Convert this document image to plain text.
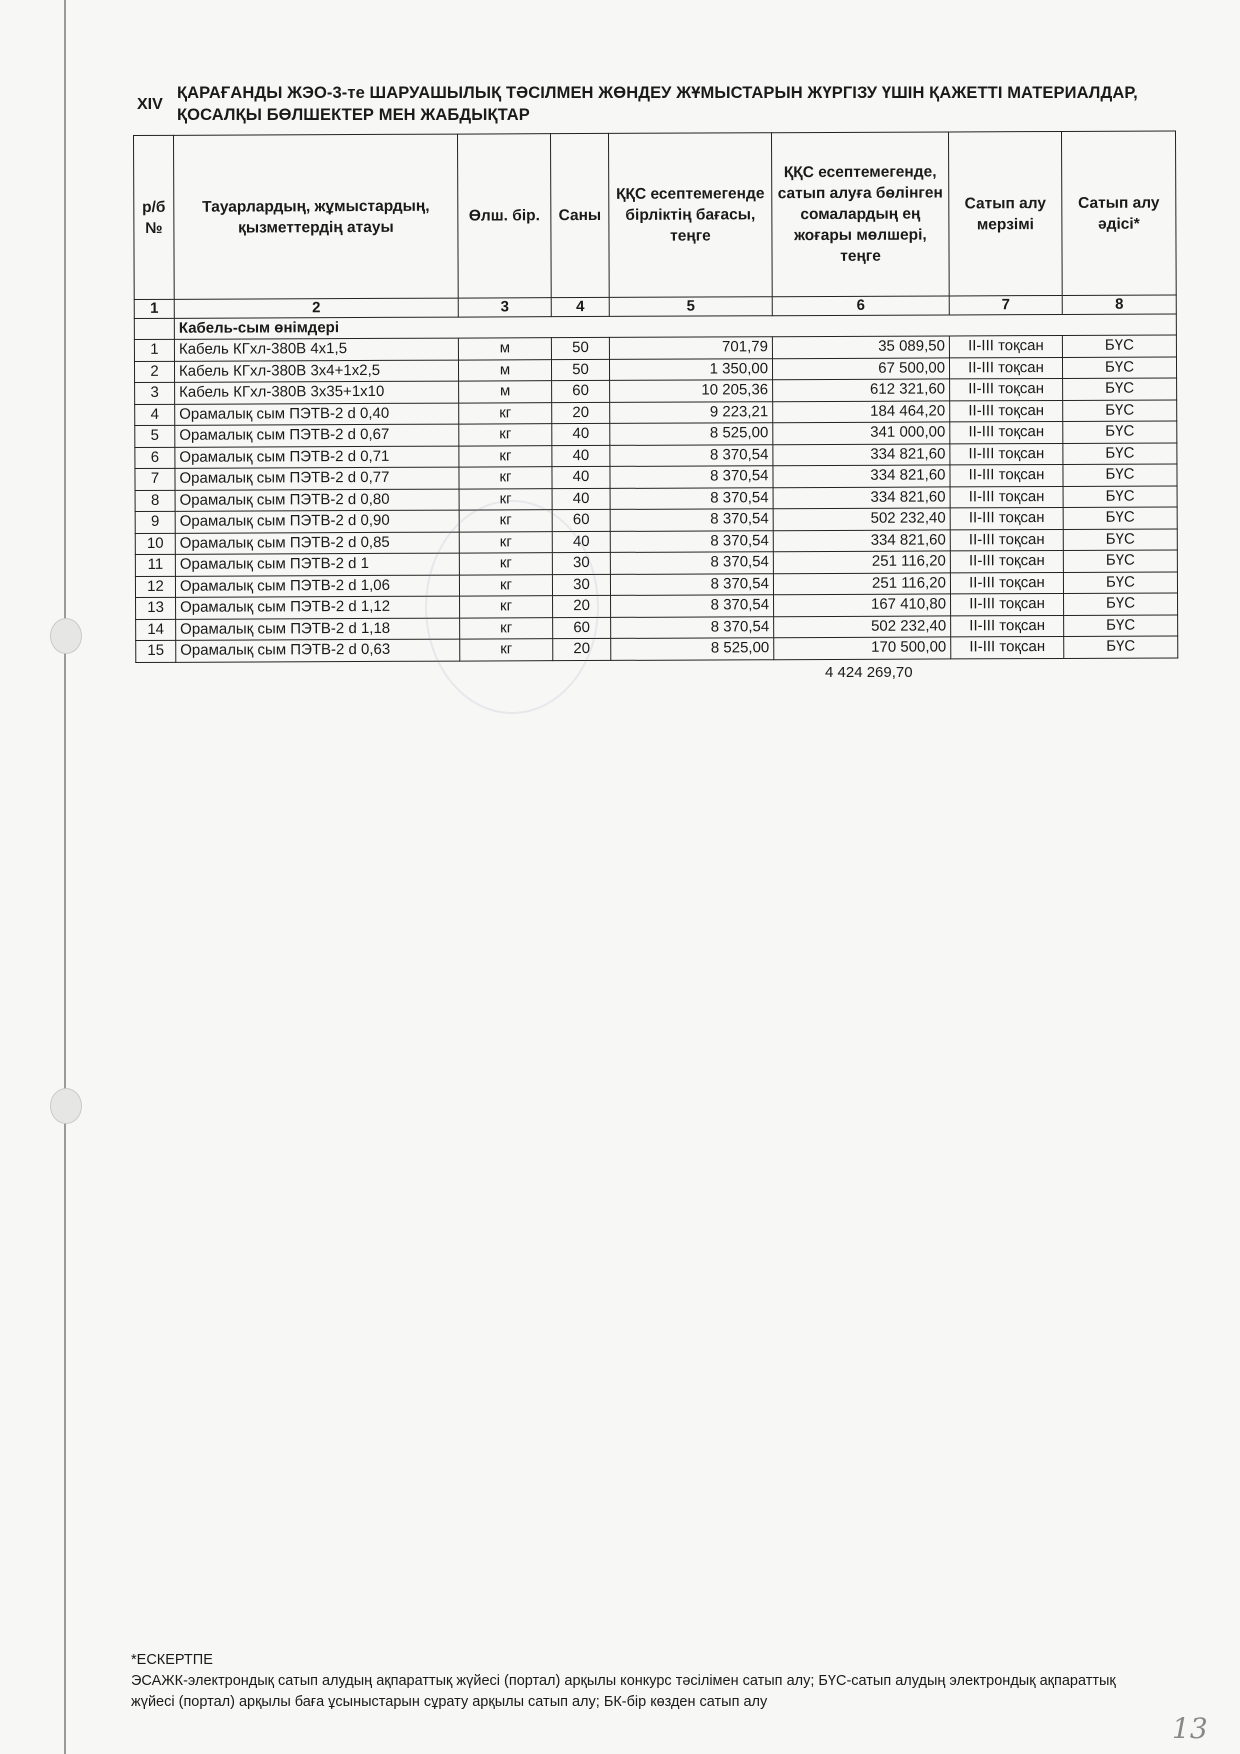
XIV
ҚАРАҒАНДЫ ЖЭО-3-те ШАРУАШЫЛЫҚ ТӘСІЛМЕН ЖӨНДЕУ ЖҰМЫСТАРЫН ЖҮРГІЗУ ҮШІН ҚАЖЕТТІ МАТЕРИАЛДАР,
ҚОСАЛҚЫ БӨЛШЕКТЕР МЕН ЖАБДЫҚТАР
р/б №	Тауарлардың, жұмыстардың, қызметтердің атауы	Өлш. бір.	Саны	ҚҚС есептемегенде бірліктің бағасы, теңге	ҚҚС есептемегенде, сатып алуға бөлінген сомалардың ең жоғары мөлшері, теңге	Сатып алу мерзімі	Сатып алу әдісі*
1	2	3	4	5	6	7	8
	Кабель-сым өнімдері						
1	Кабель КГхл-380В 4х1,5	м	50	701,79	35 089,50	II-III тоқсан	БҮС
2	Кабель КГхл-380В 3х4+1х2,5	м	50	1 350,00	67 500,00	II-III тоқсан	БҮС
3	Кабель КГхл-380В 3х35+1х10	м	60	10 205,36	612 321,60	II-III тоқсан	БҮС
4	Орамалық сым ПЭТВ-2 d 0,40	кг	20	9 223,21	184 464,20	II-III тоқсан	БҮС
5	Орамалық сым ПЭТВ-2 d 0,67	кг	40	8 525,00	341 000,00	II-III тоқсан	БҮС
6	Орамалық сым ПЭТВ-2 d 0,71	кг	40	8 370,54	334 821,60	II-III тоқсан	БҮС
7	Орамалық сым ПЭТВ-2 d 0,77	кг	40	8 370,54	334 821,60	II-III тоқсан	БҮС
8	Орамалық сым ПЭТВ-2 d 0,80	кг	40	8 370,54	334 821,60	II-III тоқсан	БҮС
9	Орамалық сым ПЭТВ-2 d 0,90	кг	60	8 370,54	502 232,40	II-III тоқсан	БҮС
10	Орамалық сым ПЭТВ-2 d 0,85	кг	40	8 370,54	334 821,60	II-III тоқсан	БҮС
11	Орамалық сым ПЭТВ-2 d 1	кг	30	8 370,54	251 116,20	II-III тоқсан	БҮС
12	Орамалық сым ПЭТВ-2 d 1,06	кг	30	8 370,54	251 116,20	II-III тоқсан	БҮС
13	Орамалық сым ПЭТВ-2 d 1,12	кг	20	8 370,54	167 410,80	II-III тоқсан	БҮС
14	Орамалық сым ПЭТВ-2 d 1,18	кг	60	8 370,54	502 232,40	II-III тоқсан	БҮС
15	Орамалық сым ПЭТВ-2 d 0,63	кг	20	8 525,00	170 500,00	II-III тоқсан	БҮС
4 424 269,70
*ЕСКЕРТПЕ
ЭСАЖК-электрондық сатып алудың ақпараттық жүйесі (портал) арқылы конкурс тәсілімен сатып алу; БҮС-сатып алудың электрондық ақпараттық жүйесі (портал) арқылы баға ұсыныстарын сұрату арқылы сатып алу; БК-бір көзден сатып алу
13
